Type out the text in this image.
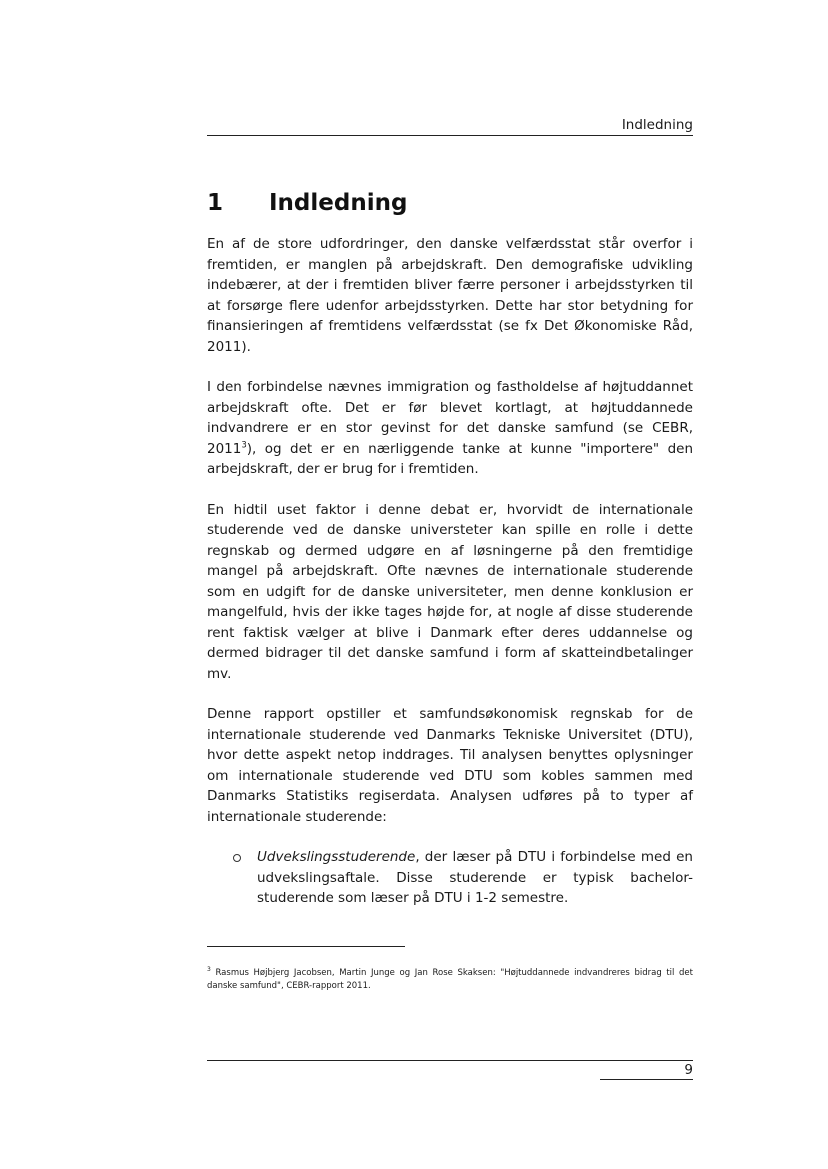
Indledning
1 Indledning

En af de store udfordringer, den danske velfærdsstat står overfor i fremtiden, er manglen på arbejdskraft. Den demografiske udvikling indebærer, at der i fremtiden bliver færre personer i arbejdsstyrken til at forsørge flere udenfor arbejdsstyrken. Dette har stor betydning for finansieringen af fremtidens velfærdsstat (se fx Det Økonomiske Råd, 2011).

I den forbindelse nævnes immigration og fastholdelse af højtuddannet arbejdskraft ofte. Det er før blevet kortlagt, at højtuddannede indvandrere er en stor gevinst for det danske samfund (se CEBR, 2011$^3$), og det er en nærliggende tanke at kunne "importere" den arbejdskraft, der er brug for i fremtiden.

En hidtil uset faktor i denne debat er, hvorvidt de internationale studerende ved de danske universteter kan spille en rolle i dette regnskab og dermed udgøre en af løsningerne på den fremtidige mangel på arbejdskraft. Ofte nævnes de internationale studerende som en udgift for de danske universiteter, men denne konklusion er mangelfuld, hvis der ikke tages højde for, at nogle af disse studerende rent faktisk vælger at blive i Danmark efter deres uddannelse og dermed bidrager til det danske samfund i form af skatteindbetalinger mv.

Denne rapport opstiller et samfundsøkonomisk regnskab for de internationale studerende ved Danmarks Tekniske Universitet (DTU), hvor dette aspekt netop inddrages. Til analysen benyttes oplysninger om internationale studerende ved DTU som kobles sammen med Danmarks Statistiks regiserdata. Analysen udføres på to typer af internationale studerende:

Udvekslingsstuderende, der læser på DTU i forbindelse med en udvekslingsaftale. Disse studerende er typisk bachelor-studerende som læser på DTU i 1-2 semestre.
$^3$ Rasmus Højbjerg Jacobsen, Martin Junge og Jan Rose Skaksen: "Højtuddannede indvandreres bidrag til det danske samfund", CEBR-rapport 2011.
9
